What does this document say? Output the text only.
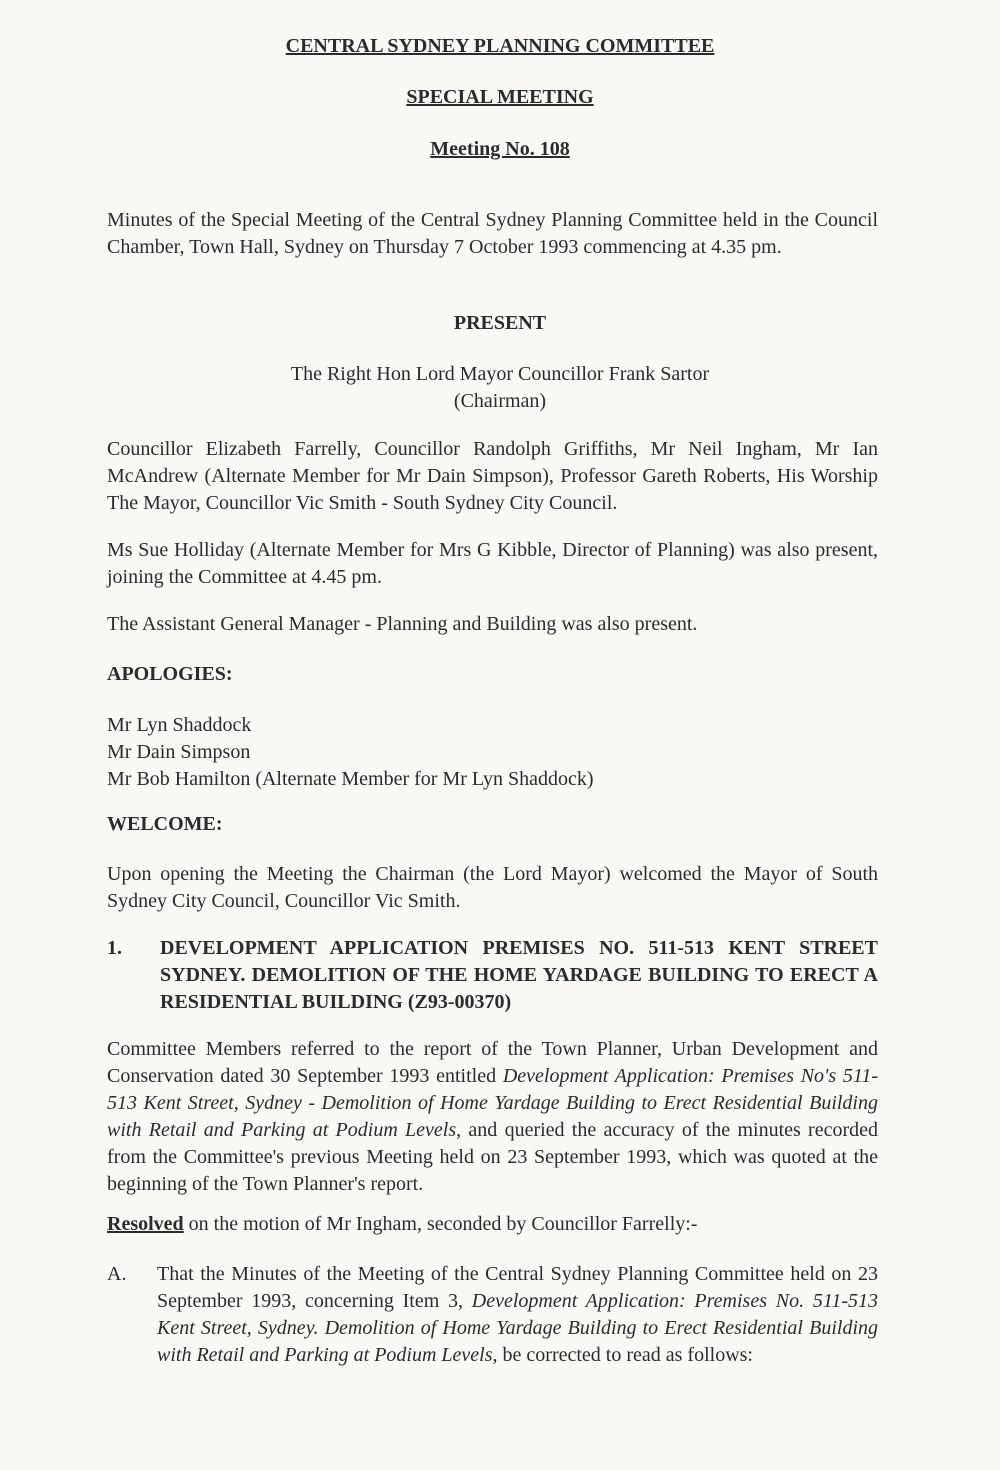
CENTRAL SYDNEY PLANNING COMMITTEE
SPECIAL MEETING
Meeting No. 108
Minutes of the Special Meeting of the Central Sydney Planning Committee held in the Council Chamber, Town Hall, Sydney on Thursday 7 October 1993 commencing at 4.35 pm.
PRESENT
The Right Hon Lord Mayor Councillor Frank Sartor
(Chairman)
Councillor Elizabeth Farrelly, Councillor Randolph Griffiths, Mr Neil Ingham, Mr Ian McAndrew (Alternate Member for Mr Dain Simpson), Professor Gareth Roberts, His Worship The Mayor, Councillor Vic Smith - South Sydney City Council.
Ms Sue Holliday (Alternate Member for Mrs G Kibble, Director of Planning) was also present, joining the Committee at 4.45 pm.
The Assistant General Manager - Planning and Building was also present.
APOLOGIES:
Mr Lyn Shaddock
Mr Dain Simpson
Mr Bob Hamilton (Alternate Member for Mr Lyn Shaddock)
WELCOME:
Upon opening the Meeting the Chairman (the Lord Mayor) welcomed the Mayor of South Sydney City Council, Councillor Vic Smith.
1. DEVELOPMENT APPLICATION PREMISES NO. 511-513 KENT STREET SYDNEY. DEMOLITION OF THE HOME YARDAGE BUILDING TO ERECT A RESIDENTIAL BUILDING (Z93-00370)
Committee Members referred to the report of the Town Planner, Urban Development and Conservation dated 30 September 1993 entitled Development Application: Premises No's 511-513 Kent Street, Sydney - Demolition of Home Yardage Building to Erect Residential Building with Retail and Parking at Podium Levels, and queried the accuracy of the minutes recorded from the Committee's previous Meeting held on 23 September 1993, which was quoted at the beginning of the Town Planner's report.
Resolved on the motion of Mr Ingham, seconded by Councillor Farrelly:-
A. That the Minutes of the Meeting of the Central Sydney Planning Committee held on 23 September 1993, concerning Item 3, Development Application: Premises No. 511-513 Kent Street, Sydney. Demolition of Home Yardage Building to Erect Residential Building with Retail and Parking at Podium Levels, be corrected to read as follows:
